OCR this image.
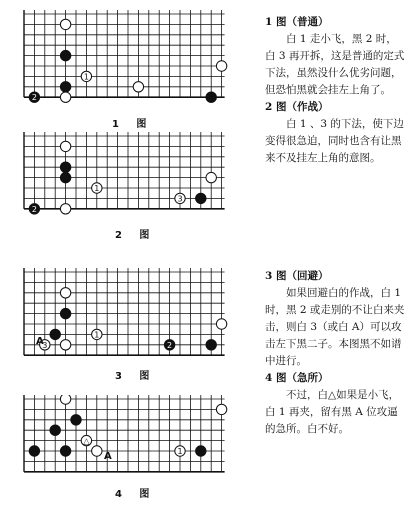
1
2
1 图
1
2
3
2 图
1
3	2
A
3 图
△
1
A
4 图

1 图（普通）

白 1 走小飞，黑 2 时，白 3 再开拆，这是普通的定式下法，虽然没什么优劣问题，但恐怕黑就会挂左上角了。

2 图（作战）

白 1 、3 的下法，使下边变得很急迫，同时也含有让黑来不及挂左上角的意图。

3 图（回避）

如果回避白的作战，白 1 时，黑 2 或走别的不让白来夹击，则白 3（或白 A）可以攻击左下黑二子。本图黑不如谱中进行。

4 图（急所）

不过，白△如果是小飞，白 1 再夹，留有黑 A 位攻逼的急所。白不好。
